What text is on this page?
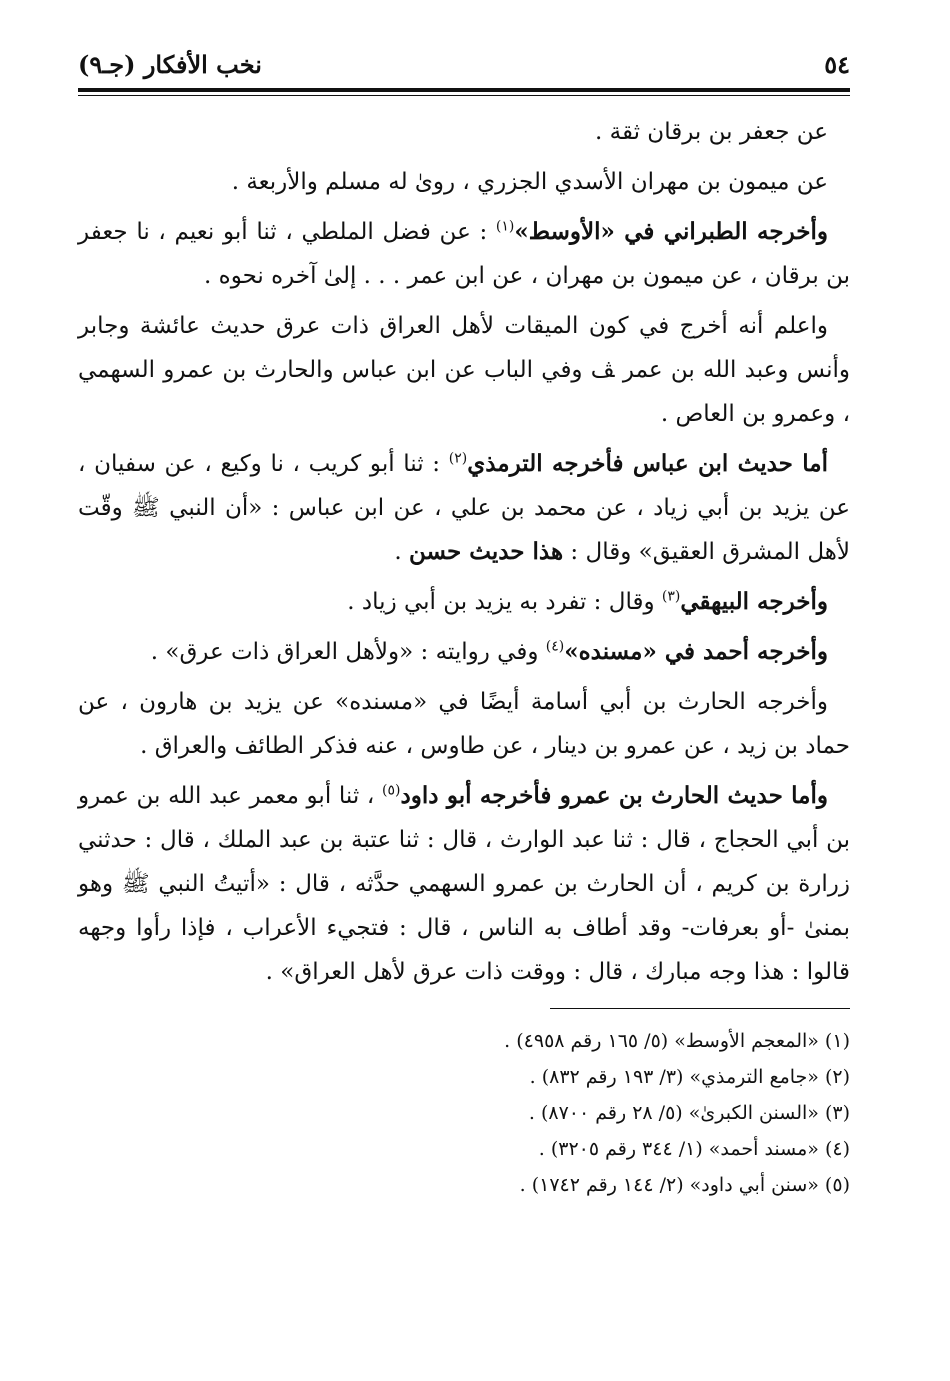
٥٤
نخب الأفكار (جـ٩)

عن جعفر بن برقان ثقة .

عن ميمون بن مهران الأسدي الجزري ، روىٰ له مسلم والأربعة .

وأخرجه الطبراني في «الأوسط»$^{(١)}$ : عن فضل الملطي ، ثنا أبو نعيم ، نا جعفر بن برقان ، عن ميمون بن مهران ، عن ابن عمر . . . إلىٰ آخره نحوه .

واعلم أنه أخرج في كون الميقات لأهل العراق ذات عرق حديث عائشة وجابر وأنس وعبد الله بن عمر ﭫ وفي الباب عن ابن عباس والحارث بن عمرو السهمي ، وعمرو بن العاص .

أما حديث ابن عباس فأخرجه الترمذي$^{(٢)}$ : ثنا أبو كريب ، نا وكيع ، عن سفيان ، عن يزيد بن أبي زياد ، عن محمد بن علي ، عن ابن عباس : «أن النبي ﷺ وقّت لأهل المشرق العقيق» وقال : هذا حديث حسن .

وأخرجه البيهقي$^{(٣)}$ وقال : تفرد به يزيد بن أبي زياد .

وأخرجه أحمد في «مسنده»$^{(٤)}$ وفي روايته : «ولأهل العراق ذات عرق» .

وأخرجه الحارث بن أبي أسامة أيضًا في «مسنده» عن يزيد بن هارون ، عن حماد بن زيد ، عن عمرو بن دينار ، عن طاوس ، عنه فذكر الطائف والعراق .

وأما حديث الحارث بن عمرو فأخرجه أبو داود$^{(٥)}$ ، ثنا أبو معمر عبد الله بن عمرو بن أبي الحجاج ، قال : ثنا عبد الوارث ، قال : ثنا عتبة بن عبد الملك ، قال : حدثني زرارة بن كريم ، أن الحارث بن عمرو السهمي حدَّثه ، قال : «أتيتُ النبي ﷺ وهو بمنىٰ -أو بعرفات- وقد أطاف به الناس ، قال : فتجيء الأعراب ، فإذا رأوا وجهه قالوا : هذا وجه مبارك ، قال : ووقت ذات عرق لأهل العراق» .

(١) «المعجم الأوسط» (٥/ ١٦٥ رقم ٤٩٥٨) .

(٢) «جامع الترمذي» (٣/ ١٩٣ رقم ٨٣٢) .

(٣) «السنن الكبرىٰ» (٥/ ٢٨ رقم ٨٧٠٠) .

(٤) «مسند أحمد» (١/ ٣٤٤ رقم ٣٢٠٥) .

(٥) «سنن أبي داود» (٢/ ١٤٤ رقم ١٧٤٢) .
